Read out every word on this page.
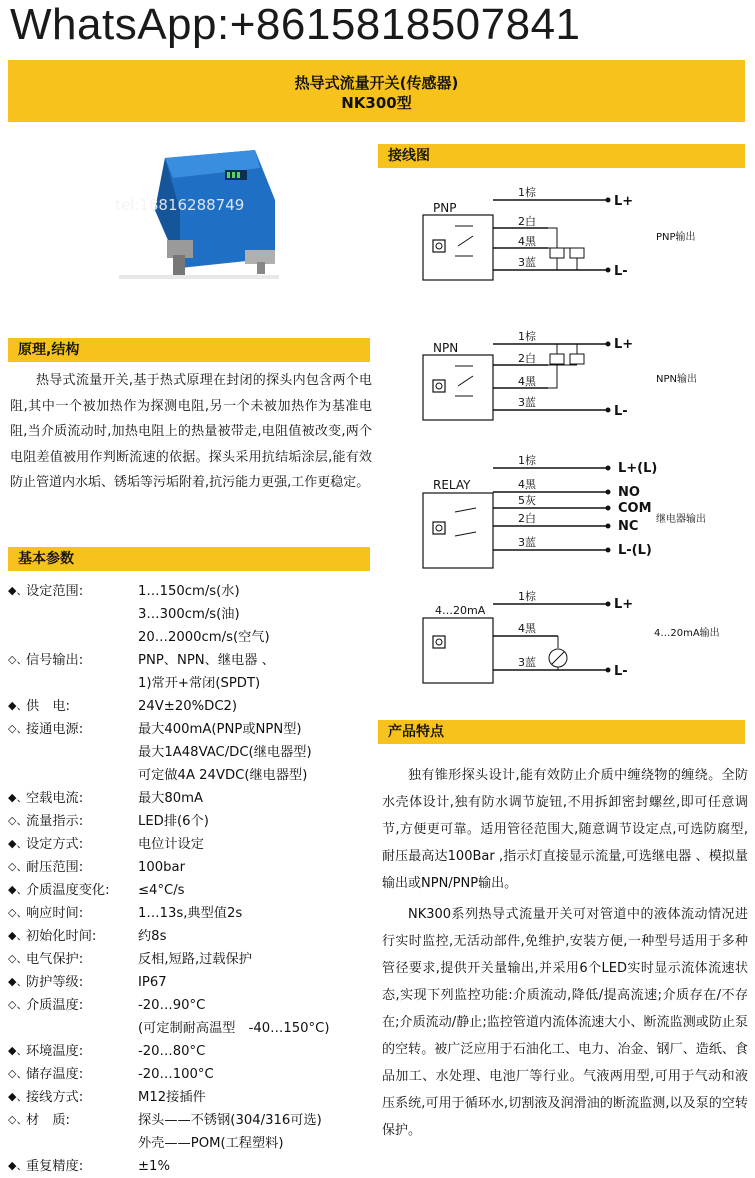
WhatsApp:+8615818507841
热导式流量开关(传感器)
NK300型
tel:18816288749
原理,结构
热导式流量开关,基于热式原理在封闭的探头内包含两个电阻,其中一个被加热作为探测电阻,另一个未被加热作为基准电阻,当介质流动时,加热电阻上的热量被带走,电阻值被改变,两个电阻差值被用作判断流速的依据。探头采用抗结垢涂层,能有效防止管道内水垢、锈垢等污垢附着,抗污能力更强,工作更稳定。
基本参数
◆、
设定范围:	1…150cm/s(水)
3…300cm/s(油)
20…2000cm/s(空气)
◇、
信号输出:	PNP、NPN、继电器 、
1)常开+常闭(SPDT)
◆、
供　电:	24V±20%DC2)
◇、
接通电源:	最大400mA(PNP或NPN型)
最大1A48VAC/DC(继电器型)
可定做4A 24VDC(继电器型)
◆、
空载电流:	最大80mA
◇、
流量指示:	LED排(6个)
◆、
设定方式:	电位计设定
◇、
耐压范围:	100bar
◆、
介质温度变化: ≤4°C/s
◇、
响应时间:	1…13s,典型值2s
◆、
初始化时间:	约8s
◇、
电气保护:	反相,短路,过载保护
◆、
防护等级:	IP67
◇、
介质温度:	-20…90°C
(可定制耐高温型　-40…150°C)
◆、
环境温度:	-20…80°C
◇、
储存温度:	-20…100°C
◆、
接线方式:	M12接插件
◇、
材　质:	探头——不锈钢(304/316可选)
外壳——POM(工程塑料)
◆、
重复精度:	±1%
接线图
PNP
1棕
2白
4黑
3蓝
L+
L-
PNP输出
NPN
1棕
2白
4黑
3蓝
L+
L-
NPN输出
RELAY
1棕
4黑
5灰
2白
3蓝
L+(L)
NO
COM
NC
L-(L)
继电器输出
4…20mA
1棕
4黑
3蓝
L+
L-
4…20mA输出
产品特点

独有锥形探头设计,能有效防止介质中缠绕物的缠绕。全防水壳体设计,独有防水调节旋钮,不用拆卸密封螺丝,即可任意调节,方便更可靠。适用管径范围大,随意调节设定点,可选防腐型,耐压最高达100Bar ,指示灯直接显示流量,可选继电器 、模拟量输出或NPN/PNP输出。

NK300系列热导式流量开关可对管道中的液体流动情况进行实时监控,无活动部件,免维护,安装方便,一种型号适用于多种管径要求,提供开关量输出,并采用6个LED实时显示流体流速状态,实现下列监控功能:介质流动,降低/提高流速;介质存在/不存在;介质流动/静止;监控管道内流体流速大小、断流监测或防止泵的空转。被广泛应用于石油化工、电力、冶金、钢厂、造纸、食品加工、水处理、电池厂等行业。气液两用型,可用于气动和液压系统,可用于循环水,切割液及润滑油的断流监测,以及泵的空转保护。
